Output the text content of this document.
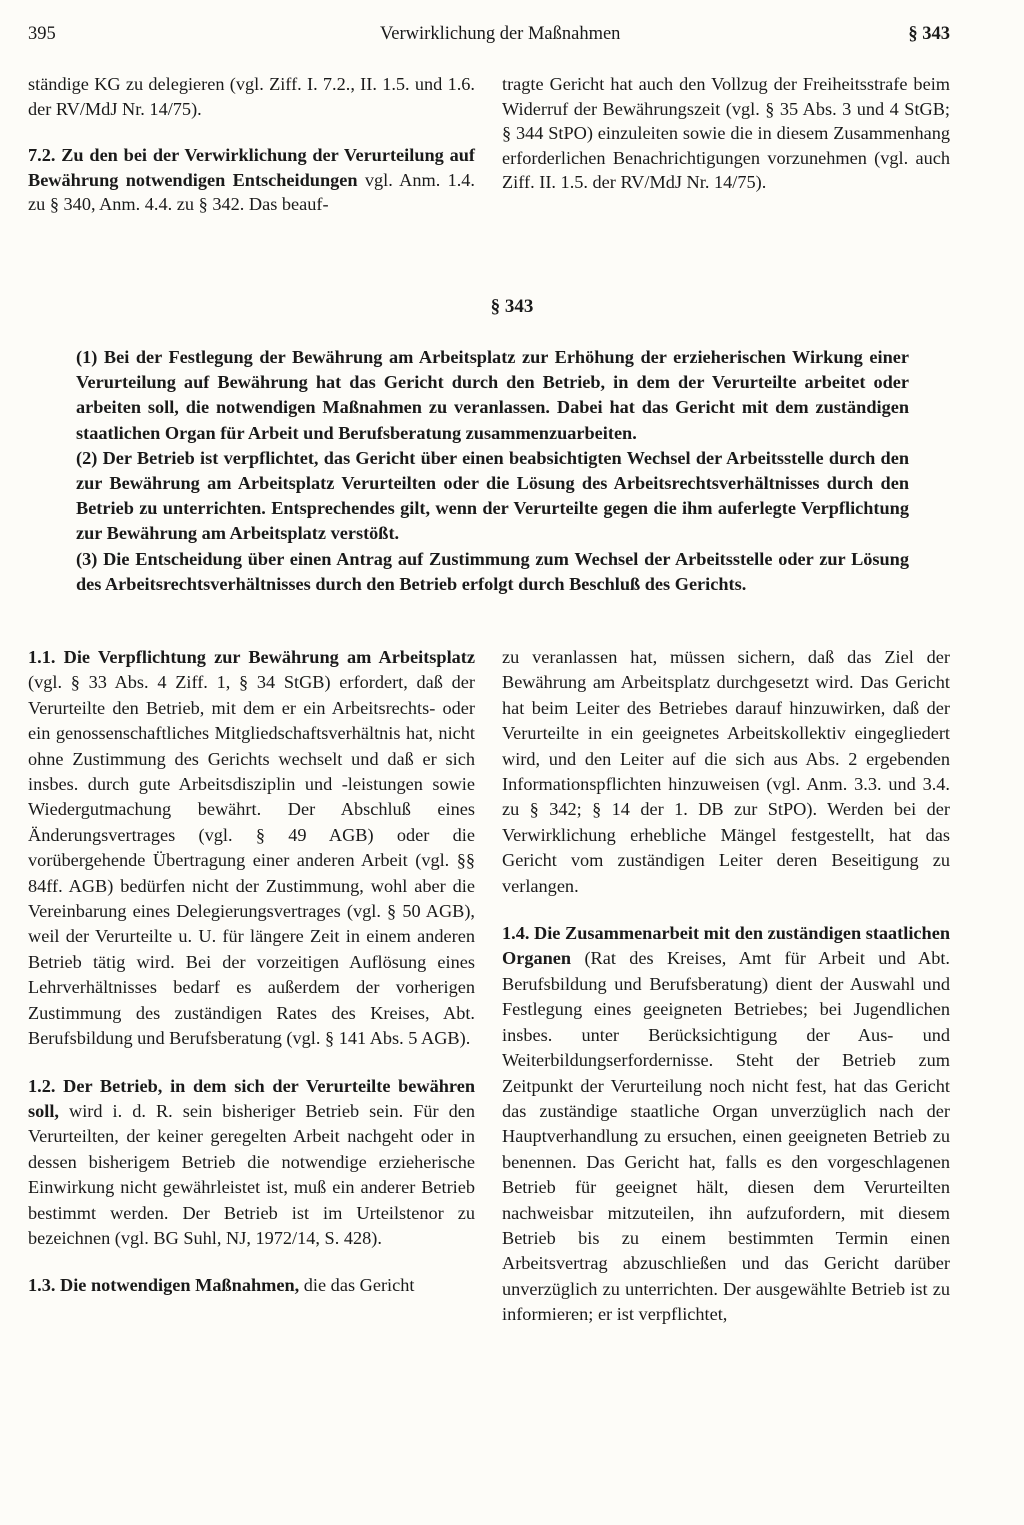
395	Verwirklichung der Maßnahmen	§ 343

ständige KG zu delegieren (vgl. Ziff. I. 7.2., II. 1.5. und 1.6. der RV/MdJ Nr. 14/75).

7.2. Zu den bei der Verwirklichung der Verurteilung auf Bewährung notwendigen Entscheidungen vgl. Anm. 1.4. zu § 340, Anm. 4.4. zu § 342. Das beauf-

tragte Gericht hat auch den Vollzug der Freiheitsstrafe beim Widerruf der Bewährungszeit (vgl. § 35 Abs. 3 und 4 StGB; § 344 StPO) einzuleiten sowie die in diesem Zusammenhang erforderlichen Benachrichtigungen vorzunehmen (vgl. auch Ziff. II. 1.5. der RV/MdJ Nr. 14/75).

§ 343

(1) Bei der Festlegung der Bewährung am Arbeitsplatz zur Erhöhung der erzieherischen Wirkung einer Verurteilung auf Bewährung hat das Gericht durch den Betrieb, in dem der Verurteilte arbeitet oder arbeiten soll, die notwendigen Maßnahmen zu veranlassen. Dabei hat das Gericht mit dem zuständigen staatlichen Organ für Arbeit und Berufsberatung zusammenzuarbeiten.

(2) Der Betrieb ist verpflichtet, das Gericht über einen beabsichtigten Wechsel der Arbeitsstelle durch den zur Bewährung am Arbeitsplatz Verurteilten oder die Lösung des Arbeitsrechtsverhältnisses durch den Betrieb zu unterrichten. Entsprechendes gilt, wenn der Verurteilte gegen die ihm auferlegte Verpflichtung zur Bewährung am Arbeitsplatz verstößt.

(3) Die Entscheidung über einen Antrag auf Zustimmung zum Wechsel der Arbeitsstelle oder zur Lösung des Arbeitsrechtsverhältnisses durch den Betrieb erfolgt durch Beschluß des Gerichts.

1.1. Die Verpflichtung zur Bewährung am Arbeitsplatz (vgl. § 33 Abs. 4 Ziff. 1, § 34 StGB) erfordert, daß der Verurteilte den Betrieb, mit dem er ein Arbeitsrechts- oder ein genossenschaftliches Mitgliedschaftsverhältnis hat, nicht ohne Zustimmung des Gerichts wechselt und daß er sich insbes. durch gute Arbeitsdisziplin und -leistungen sowie Wiedergutmachung bewährt. Der Abschluß eines Änderungsvertrages (vgl. § 49 AGB) oder die vorübergehende Übertragung einer anderen Arbeit (vgl. §§ 84ff. AGB) bedürfen nicht der Zustimmung, wohl aber die Vereinbarung eines Delegierungsvertrages (vgl. § 50 AGB), weil der Verurteilte u. U. für längere Zeit in einem anderen Betrieb tätig wird. Bei der vorzeitigen Auflösung eines Lehrverhältnisses bedarf es außerdem der vorherigen Zustimmung des zuständigen Rates des Kreises, Abt. Berufsbildung und Berufsberatung (vgl. § 141 Abs. 5 AGB).

1.2. Der Betrieb, in dem sich der Verurteilte bewähren soll, wird i. d. R. sein bisheriger Betrieb sein. Für den Verurteilten, der keiner geregelten Arbeit nachgeht oder in dessen bisherigem Betrieb die notwendige erzieherische Einwirkung nicht gewährleistet ist, muß ein anderer Betrieb bestimmt werden. Der Betrieb ist im Urteilstenor zu bezeichnen (vgl. BG Suhl, NJ, 1972/14, S. 428).

1.3. Die notwendigen Maßnahmen, die das Gericht

zu veranlassen hat, müssen sichern, daß das Ziel der Bewährung am Arbeitsplatz durchgesetzt wird. Das Gericht hat beim Leiter des Betriebes darauf hinzuwirken, daß der Verurteilte in ein geeignetes Arbeitskollektiv eingegliedert wird, und den Leiter auf die sich aus Abs. 2 ergebenden Informationspflichten hinzuweisen (vgl. Anm. 3.3. und 3.4. zu § 342; § 14 der 1. DB zur StPO). Werden bei der Verwirklichung erhebliche Mängel festgestellt, hat das Gericht vom zuständigen Leiter deren Beseitigung zu verlangen.

1.4. Die Zusammenarbeit mit den zuständigen staatlichen Organen (Rat des Kreises, Amt für Arbeit und Abt. Berufsbildung und Berufsberatung) dient der Auswahl und Festlegung eines geeigneten Betriebes; bei Jugendlichen insbes. unter Berücksichtigung der Aus- und Weiterbildungserfordernisse. Steht der Betrieb zum Zeitpunkt der Verurteilung noch nicht fest, hat das Gericht das zuständige staatliche Organ unverzüglich nach der Hauptverhandlung zu ersuchen, einen geeigneten Betrieb zu benennen. Das Gericht hat, falls es den vorgeschlagenen Betrieb für geeignet hält, diesen dem Verurteilten nachweisbar mitzuteilen, ihn aufzufordern, mit diesem Betrieb bis zu einem bestimmten Termin einen Arbeitsvertrag abzuschließen und das Gericht darüber unverzüglich zu unterrichten. Der ausgewählte Betrieb ist zu informieren; er ist verpflichtet,
